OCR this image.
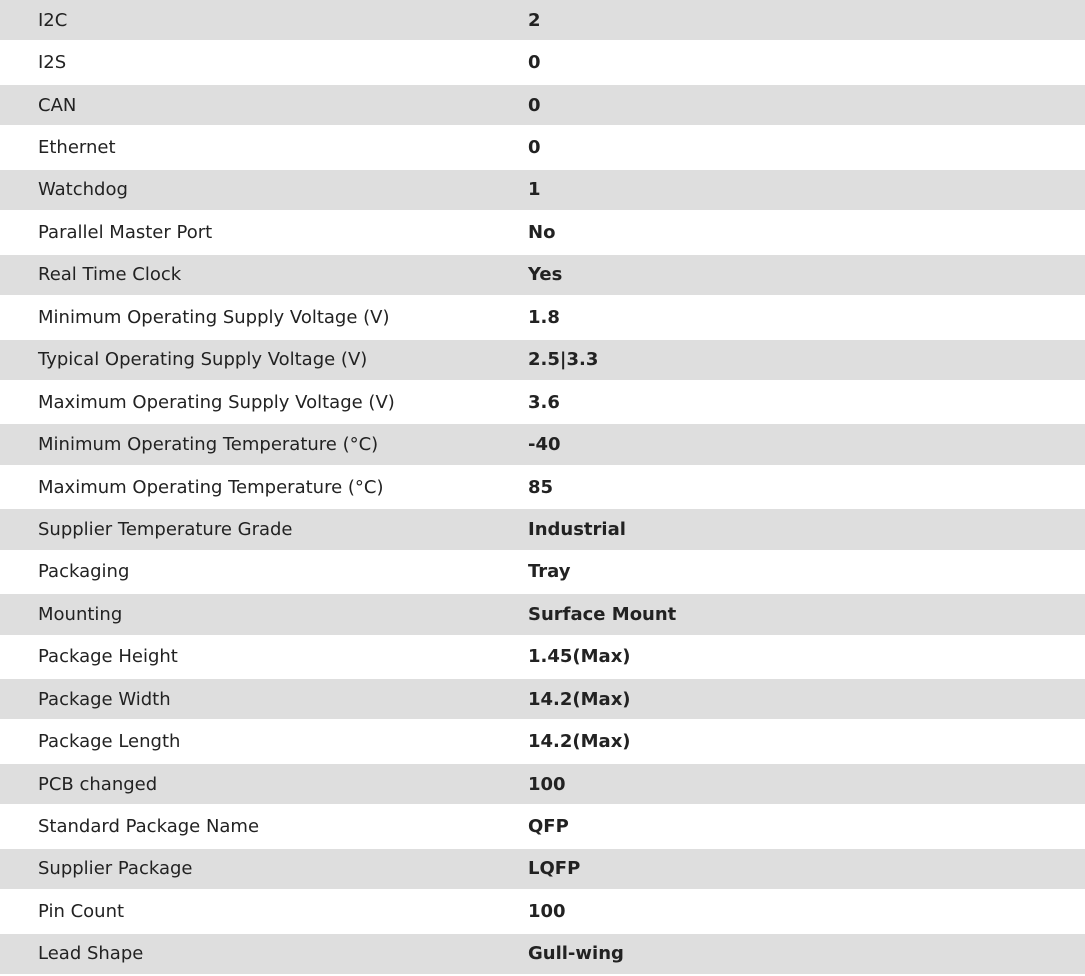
I2C	2
I2S	0
CAN	0
Ethernet	0
Watchdog	1
Parallel Master Port	No
Real Time Clock	Yes
Minimum Operating Supply Voltage (V)	1.8
Typical Operating Supply Voltage (V)	2.5|3.3
Maximum Operating Supply Voltage (V)	3.6
Minimum Operating Temperature (°C)	-40
Maximum Operating Temperature (°C)	85
Supplier Temperature Grade	Industrial
Packaging	Tray
Mounting	Surface Mount
Package Height	1.45(Max)
Package Width	14.2(Max)
Package Length	14.2(Max)
PCB changed	100
Standard Package Name	QFP
Supplier Package	LQFP
Pin Count	100
Lead Shape	Gull-wing
